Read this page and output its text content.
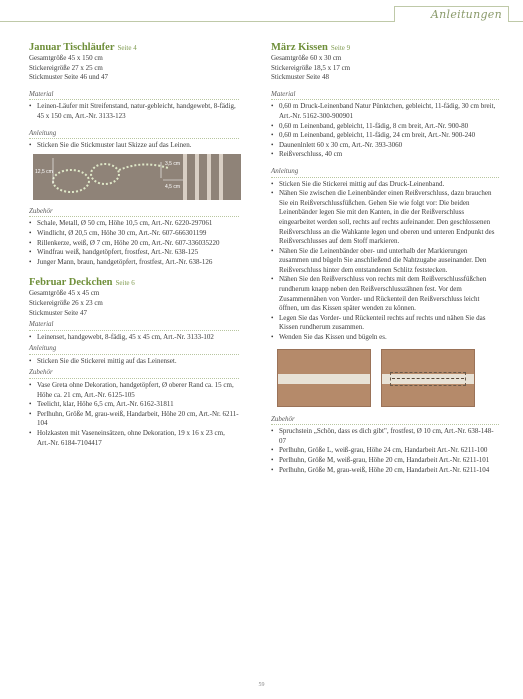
Anleitungen
Januar Tischläufer Seite 4
Gesamtgröße 45 x 150 cm
Stickereigröße 27 x 25 cm
Stickmuster Seite 46 und 47
Material
• Leinen-Läufer mit Streifenstand, natur-gebleicht, handgewebt, 8-fädig, 45 x 150 cm, Art.-Nr. 3133-123
Anleitung
• Sticken Sie die Stickmuster laut Skizze auf das Leinen.
3,5 cm
12,5 cm
4,5 cm
Zubehör
• Schale, Metall, Ø 50 cm, Höhe 10,5 cm, Art.-Nr. 6220-297061
• Windlicht, Ø 20,5 cm, Höhe 30 cm, Art.-Nr. 607-666301199
• Rillenkerze, weiß, Ø 7 cm, Höhe 20 cm, Art.-Nr. 607-336035220
• Windfrau weiß, handgetöpfert, frostfest, Art.-Nr. 638-125
• Junger Mann, braun, handgetöpfert, frostfest, Art.-Nr. 638-126
Februar Deckchen Seite 6
Gesamtgröße 45 x 45 cm
Stickereigröße 26 x 23 cm
Stickmuster Seite 47
Material
• Leinenset, handgewebt, 8-fädig, 45 x 45 cm, Art.-Nr. 3133-102
Anleitung
• Sticken Sie die Stickerei mittig auf das Leinenset.
Zubehör
• Vase Greta ohne Dekoration, handgetöpfert, Ø oberer Rand ca. 15 cm, Höhe ca. 21 cm, Art.-Nr. 6125-105
• Teelicht, klar, Höhe 6,5 cm, Art.-Nr. 6162-31811
• Perlhuhn, Größe M, grau-weiß, Handarbeit, Höhe 20 cm, Art.-Nr. 6211-104
• Holzkasten mit Vaseneinsätzen, ohne Dekoration, 19 x 16 x 23 cm, Art.-Nr. 6184-7104417
März Kissen Seite 9
Gesamtgröße 60 x 30 cm
Stickereigröße 18,5 x 17 cm
Stickmuster Seite 48
Material
• 0,60 m Druck-Leinenband Natur Pünktchen, gebleicht, 11-fädig, 30 cm breit, Art.-Nr. 5162-300-900901
• 0,60 m Leinenband, gebleicht, 11-fädig, 8 cm breit, Art.-Nr. 900-80
• 0,60 m Leinenband, gebleicht, 11-fädig, 24 cm breit, Art.-Nr. 900-240
• Daunenlnlett 60 x 30 cm, Art.-Nr. 393-3060
• Reißverschluss, 40 cm
Anleitung
• Sticken Sie die Stickerei mittig auf das Druck-Leinenband.
• Nähen Sie zwischen die Leinenbänder einen Reißverschluss, dazu brauchen Sie ein Reißverschlussfüßchen. Gehen Sie wie folgt vor: Die beiden Leinenbänder legen Sie mit den Kanten, in die der Reißverschluss eingearbeitet werden soll, rechts auf rechts aufeinander. Den geschlossenen Reißverschluss an die Wahkante legen und oberen und unteren Endpunkt des Reißverschlusses auf dem Stoff markieren.
• Nähen Sie die Leinenbänder ober- und unterhalb der Markierungen zusammen und bügeln Sie anschließend die Nahtzugabe auseinander. Den Reißverschluss hinter dem entstandenen Schlitz feststecken.
• Nähen Sie den Reißverschluss von rechts mit dem Reißverschlussfüßchen rundherum knapp neben den Reißverschlusszähnen fest. Vor dem Zusammennähen von Vorder- und Rückenteil den Reißverschluss leicht öffnen, um das Kissen später wenden zu können.
• Legen Sie das Vorder- und Rückenteil rechts auf rechts und nähen Sie das Kissen rundherum zusammen.
• Wenden Sie das Kissen und bügeln es.
Zubehör
• Spruchstein „Schön, dass es dich gibt", frostfest, Ø 10 cm, Art.-Nr. 638-148-07
• Perlhuhn, Größe L, weiß-grau, Höhe 24 cm, Handarbeit Art.-Nr. 6211-100
• Perlhuhn, Größe M, weiß-grau, Höhe 20 cm, Handarbeit Art.-Nr. 6211-101
• Perlhuhn, Größe M, grau-weiß, Höhe 20 cm, Handarbeit Art.-Nr. 6211-104
59
